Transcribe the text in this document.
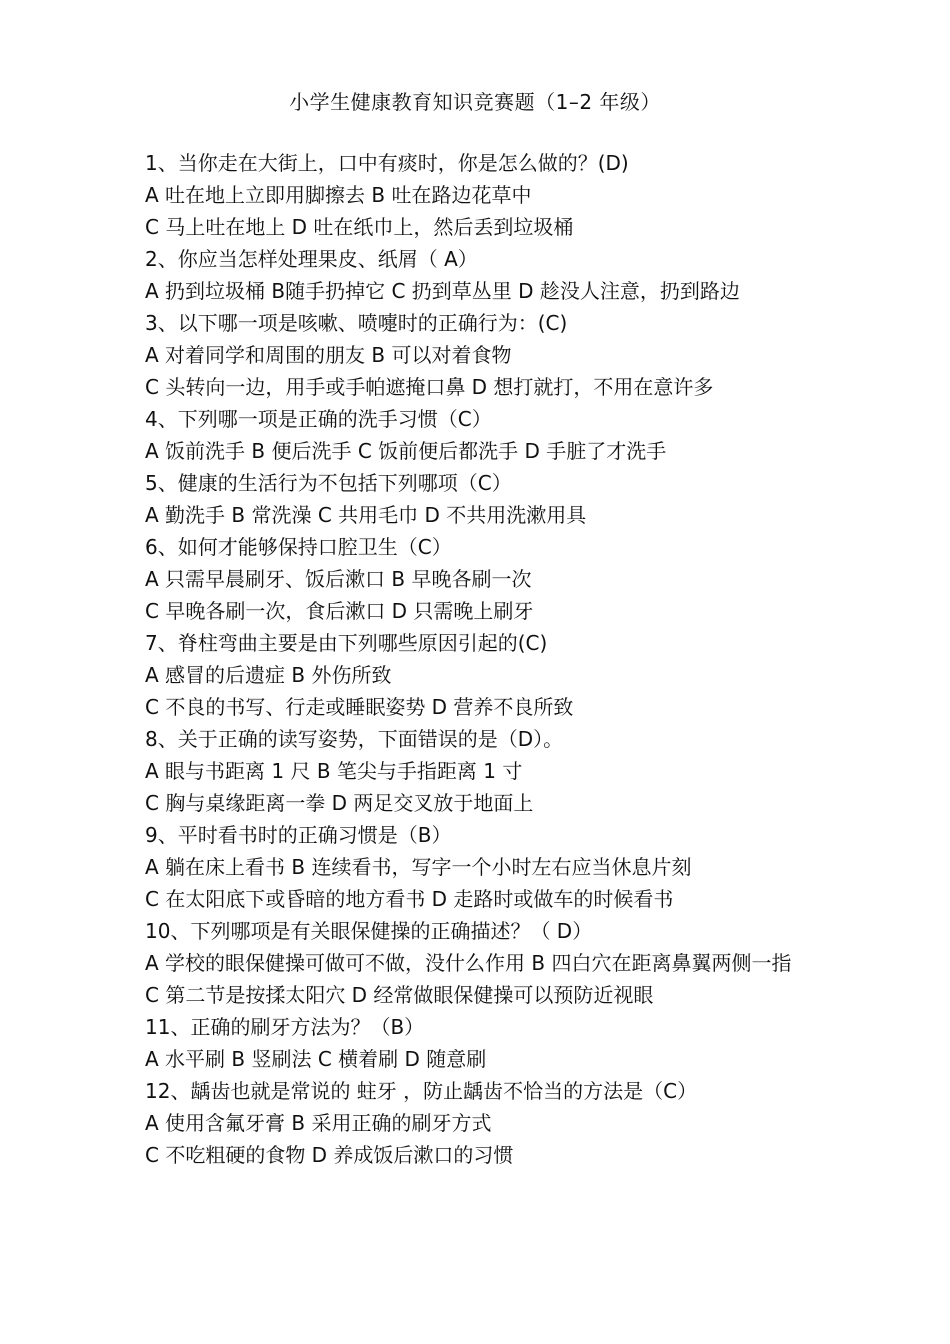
小学生健康教育知识竞赛题（1–2 年级）
1、当你走在大街上，口中有痰时，你是怎么做的？(D)
A 吐在地上立即用脚擦去 B 吐在路边花草中
C 马上吐在地上 D 吐在纸巾上，然后丢到垃圾桶
2、你应当怎样处理果皮、纸屑（ A）
A 扔到垃圾桶 B随手扔掉它 C 扔到草丛里 D 趁没人注意，扔到路边
3、以下哪一项是咳嗽、喷嚏时的正确行为：(C)
A 对着同学和周围的朋友 B 可以对着食物
C 头转向一边，用手或手帕遮掩口鼻 D 想打就打，不用在意许多
4、下列哪一项是正确的洗手习惯（C）
A 饭前洗手 B 便后洗手 C 饭前便后都洗手 D 手脏了才洗手
5、健康的生活行为不包括下列哪项（C）
A 勤洗手 B 常洗澡 C 共用毛巾 D 不共用洗漱用具
6、如何才能够保持口腔卫生（C）
A 只需早晨刷牙、饭后漱口 B 早晚各刷一次
C 早晚各刷一次，食后漱口 D 只需晚上刷牙
7、脊柱弯曲主要是由下列哪些原因引起的(C)
A 感冒的后遗症 B 外伤所致
C 不良的书写、行走或睡眠姿势 D 营养不良所致
8、关于正确的读写姿势，下面错误的是（D）。
A 眼与书距离 1 尺 B 笔尖与手指距离 1 寸
C 胸与桌缘距离一拳 D 两足交叉放于地面上
9、平时看书时的正确习惯是（B）
A 躺在床上看书 B 连续看书，写字一个小时左右应当休息片刻
C 在太阳底下或昏暗的地方看书 D 走路时或做车的时候看书
10、下列哪项是有关眼保健操的正确描述？（ D）
A 学校的眼保健操可做可不做，没什么作用 B 四白穴在距离鼻翼两侧一指
C 第二节是按揉太阳穴 D 经常做眼保健操可以预防近视眼
11、正确的刷牙方法为？（B）
A 水平刷 B 竖刷法 C 横着刷 D 随意刷
12、龋齿也就是常说的 蛀牙 ，防止龋齿不恰当的方法是（C）
A 使用含氟牙膏 B 采用正确的刷牙方式
C 不吃粗硬的食物 D 养成饭后漱口的习惯
